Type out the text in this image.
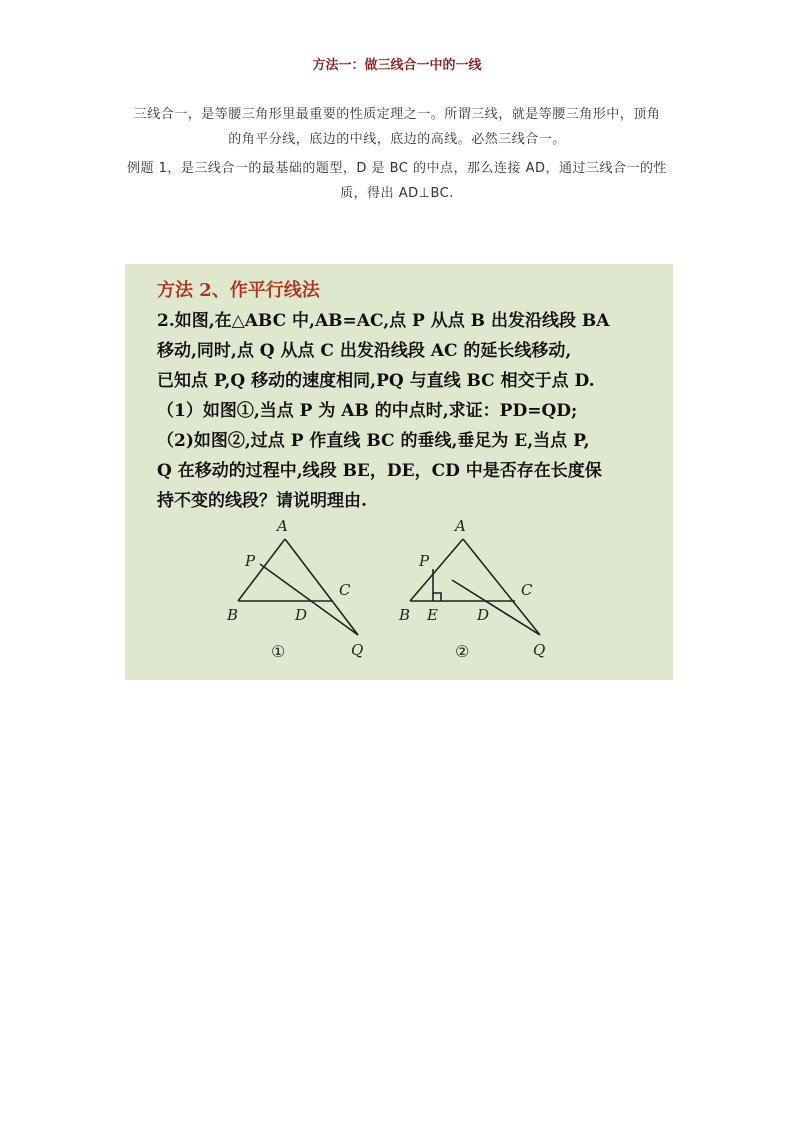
方法一：做三线合一中的一线

三线合一，是等腰三角形里最重要的性质定理之一。所谓三线，就是等腰三角形中，顶角

的角平分线，底边的中线，底边的高线。必然三线合一。

例题 1，是三线合一的最基础的题型，D 是 BC 的中点，那么连接 AD，通过三线合一的性

质，得出 AD⊥BC.

方法 2、作平行线法
2.如图,在△ABC 中,AB=AC,点 P 从点 B 出发沿线段 BA
移动,同时,点 Q 从点 C 出发沿线段 AC 的延长线移动,
已知点 P,Q 移动的速度相同,PQ 与直线 BC 相交于点 D.
（1）如图①,当点 P 为 AB 的中点时,求证：PD=QD;
（2)如图②,过点 P 作直线 BC 的垂线,垂足为 E,当点 P,
Q 在移动的过程中,线段 BE，DE，CD 中是否存在长度保
持不变的线段？请说明理由.
A
P
C
B	D
Q
①
A
P
C
B E	D
Q
②
